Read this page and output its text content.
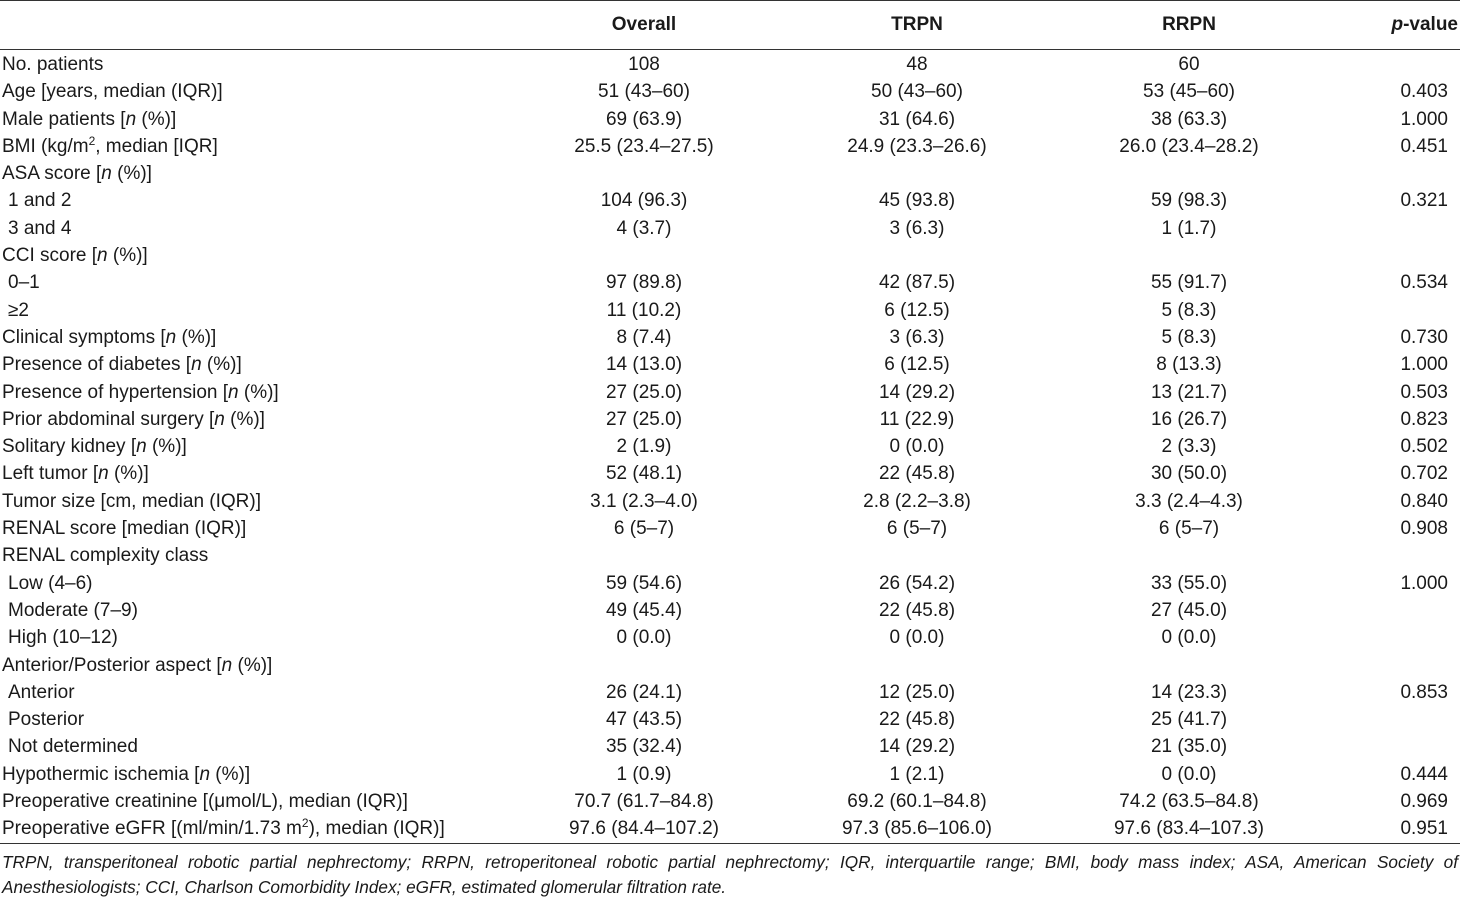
	Overall	TRPN	RRPN	p-value
No. patients	108	48	60	
Age [years, median (IQR)]	51 (43–60)	50 (43–60)	53 (45–60)	0.403
Male patients [n (%)]	69 (63.9)	31 (64.6)	38 (63.3)	1.000
BMI ($kg/m^2$, median [IQR]	25.5 (23.4–27.5)	24.9 (23.3–26.6)	26.0 (23.4–28.2)	0.451
ASA score [n (%)]				
1 and 2	104 (96.3)	45 (93.8)	59 (98.3)	0.321
3 and 4	4 (3.7)	3 (6.3)	1 (1.7)	
CCI score [n (%)]				
0–1	97 (89.8)	42 (87.5)	55 (91.7)	0.534
≥2	11 (10.2)	6 (12.5)	5 (8.3)	
Clinical symptoms [n (%)]	8 (7.4)	3 (6.3)	5 (8.3)	0.730
Presence of diabetes [n (%)]	14 (13.0)	6 (12.5)	8 (13.3)	1.000
Presence of hypertension [n (%)]	27 (25.0)	14 (29.2)	13 (21.7)	0.503
Prior abdominal surgery [n (%)]	27 (25.0)	11 (22.9)	16 (26.7)	0.823
Solitary kidney [n (%)]	2 (1.9)	0 (0.0)	2 (3.3)	0.502
Left tumor [n (%)]	52 (48.1)	22 (45.8)	30 (50.0)	0.702
Tumor size [cm, median (IQR)]	3.1 (2.3–4.0)	2.8 (2.2–3.8)	3.3 (2.4–4.3)	0.840
RENAL score [median (IQR)]	6 (5–7)	6 (5–7)	6 (5–7)	0.908
RENAL complexity class				
Low (4–6)	59 (54.6)	26 (54.2)	33 (55.0)	1.000
Moderate (7–9)	49 (45.4)	22 (45.8)	27 (45.0)	
High (10–12)	0 (0.0)	0 (0.0)	0 (0.0)	
Anterior/Posterior aspect [n (%)]				
Anterior	26 (24.1)	12 (25.0)	14 (23.3)	0.853
Posterior	47 (43.5)	22 (45.8)	25 (41.7)	
Not determined	35 (32.4)	14 (29.2)	21 (35.0)	
Hypothermic ischemia [n (%)]	1 (0.9)	1 (2.1)	0 (0.0)	0.444
Preoperative creatinine [(μmol/L), median (IQR)]	70.7 (61.7–84.8)	69.2 (60.1–84.8)	74.2 (63.5–84.8)	0.969
Preoperative eGFR [(ml/min/1.73 $m^2$), median (IQR)]	97.6 (84.4–107.2)	97.3 (85.6–106.0)	97.6 (83.4–107.3)	0.951
TRPN, transperitoneal robotic partial nephrectomy; RRPN, retroperitoneal robotic partial nephrectomy; IQR, interquartile range; BMI, body mass index; ASA, American Society of Anesthesiologists; CCI, Charlson Comorbidity Index; eGFR, estimated glomerular filtration rate.
